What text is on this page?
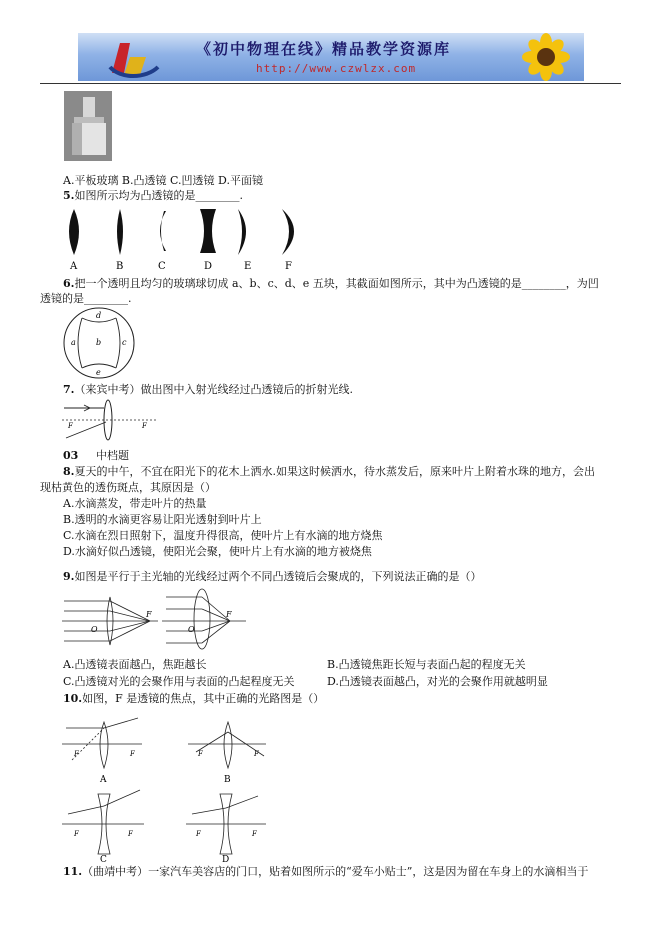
《初中物理在线》精品教学资源库
http://www.czwlzx.com
A.平板玻璃 B.凸透镜 C.凹透镜 D.平面镜
5.如图所示均为凸透镜的是________.
A	B	C	D	E	F
6.把一个透明且均匀的玻璃球切成 a、b、c、d、e 五块，其截面如图所示，其中为凸透镜的是________，为凹
透镜的是________.
d
a	b	c
e
7.（来宾中考）做出图中入射光线经过凸透镜后的折射光线.
F	F
03 中档题
8.夏天的中午，不宜在阳光下的花木上洒水.如果这时候洒水，待水蒸发后，原来叶片上附着水珠的地方，会出
现枯黄色的透伤斑点，其原因是（）
A.水滴蒸发，带走叶片的热量
B.透明的水滴更容易让阳光透射到叶片上
C.水滴在烈日照射下，温度升得很高，使叶片上有水滴的地方烧焦
D.水滴好似凸透镜，使阳光会聚，使叶片上有水滴的地方被烧焦
9.如图是平行于主光轴的光线经过两个不同凸透镜后会聚成的，下列说法正确的是（）
O
F
O
F
A.凸透镜表面越凸，焦距越长	B.凸透镜焦距长短与表面凸起的程度无关
C.凸透镜对光的会聚作用与表面的凸起程度无关	D.凸透镜表面越凸，对光的会聚作用就越明显
10.如图，F 是透镜的焦点，其中正确的光路图是（）
F	F	F	F
F	F	F	F
A	B
C	D
11.（曲靖中考）一家汽车美容店的门口，贴着如图所示的“爱车小贴士”，这是因为留在车身上的水滴相当于
